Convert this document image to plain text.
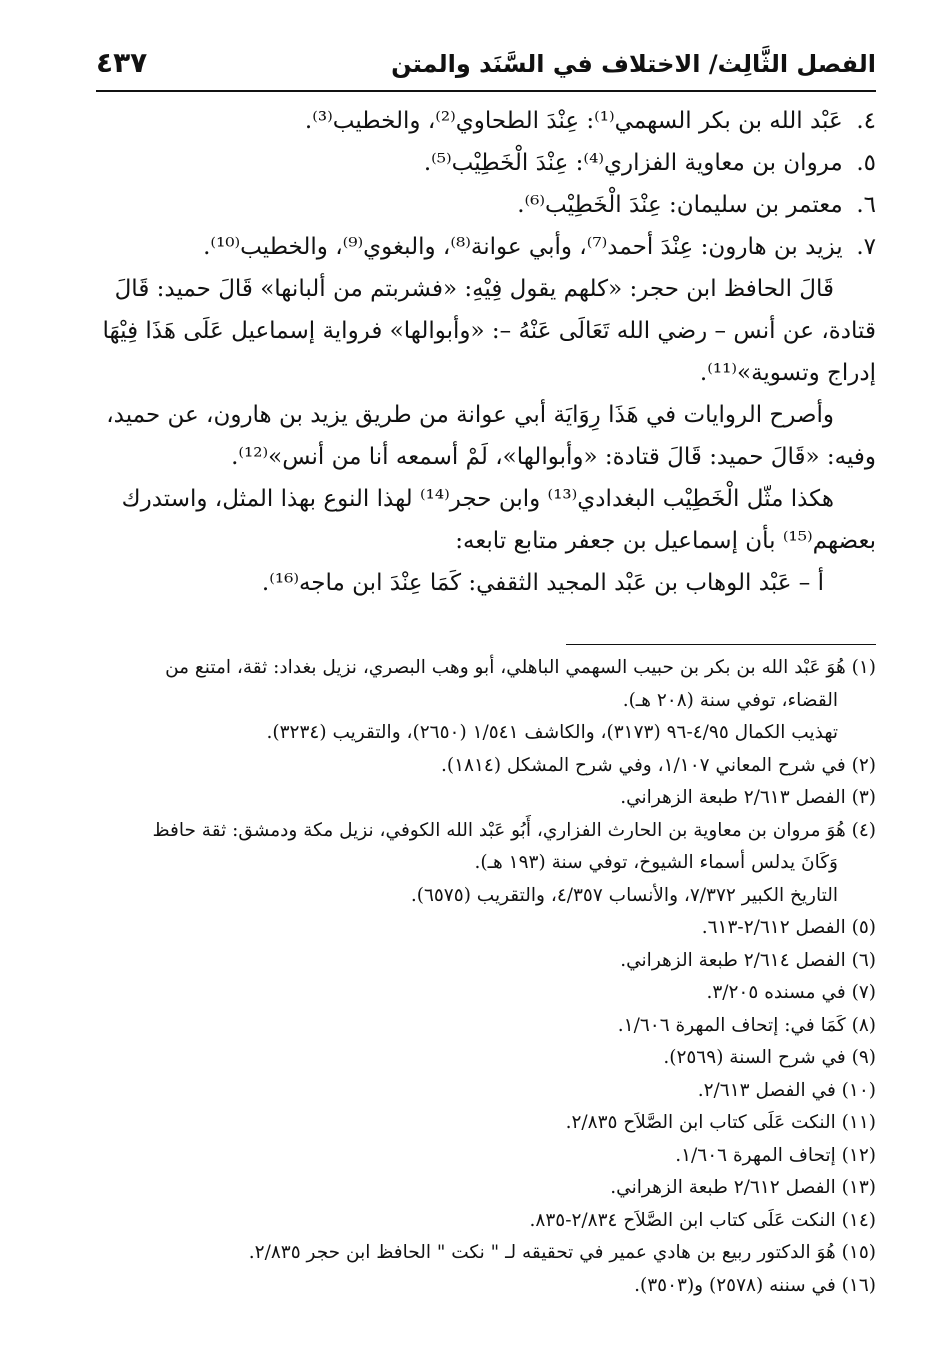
الفصل الثَّالِث/ الاختلاف في السَّنَد والمتن
٤٣٧
٤. عَبْد الله بن بكر السهمي⁽¹⁾: عِنْدَ الطحاوي⁽²⁾، والخطيب⁽³⁾.
٥. مروان بن معاوية الفزاري⁽⁴⁾: عِنْدَ الْخَطِيْب⁽⁵⁾.
٦. معتمر بن سليمان: عِنْدَ الْخَطِيْب⁽⁶⁾.
٧. يزيد بن هارون: عِنْدَ أحمد⁽⁷⁾، وأبي عوانة⁽⁸⁾، والبغوي⁽⁹⁾، والخطيب⁽¹⁰⁾.
قَالَ الحافظ ابن حجر: «كلهم يقول فِيْهِ: «فشربتم من ألبانها» قَالَ حميد: قَالَ
قتادة، عن أنس – رضي الله تَعَالَى عَنْهُ –: «وأبوالها» فرواية إسماعيل عَلَى هَذَا فِيْهَا
إدراج وتسوية»⁽¹¹⁾.
وأصرح الروايات في هَذَا رِوَايَة أبي عوانة من طريق يزيد بن هارون، عن حميد،
وفيه: «قَالَ حميد: قَالَ قتادة: «وأبوالها»، لَمْ أسمعه أنا من أنس»⁽¹²⁾.
هكذا مثّل الْخَطِيْب البغدادي⁽¹³⁾ وابن حجر⁽¹⁴⁾ لهذا النوع بهذا المثل، واستدرك
بعضهم⁽¹⁵⁾ بأن إسماعيل بن جعفر متابع تابعه:
أ – عَبْد الوهاب بن عَبْد المجيد الثقفي: كَمَا عِنْدَ ابن ماجه⁽¹⁶⁾.
(١) هُوَ عَبْد الله بن بكر بن حبيب السهمي الباهلي، أبو وهب البصري، نزيل بغداد: ثقة، امتنع من
القضاء، توفي سنة (٢٠٨ هـ).
تهذيب الكمال ٤/٩٥-٩٦ (٣١٧٣)، والكاشف ١/٥٤١ (٢٦٥٠)، والتقريب (٣٢٣٤).
(٢) في شرح المعاني ١/١٠٧، وفي شرح المشكل (١٨١٤).
(٣) الفصل ٢/٦١٣ طبعة الزهراني.
(٤) هُوَ مروان بن معاوية بن الحارث الفزاري، أَبُو عَبْد الله الكوفي، نزيل مكة ودمشق: ثقة حافظ
وَكَانَ يدلس أسماء الشيوخ، توفي سنة (١٩٣ هـ).
التاريخ الكبير ٧/٣٧٢، والأنساب ٤/٣٥٧، والتقريب (٦٥٧٥).
(٥) الفصل ٢/٦١٢-٦١٣.
(٦) الفصل ٢/٦١٤ طبعة الزهراني.
(٧) في مسنده ٣/٢٠٥.
(٨) كَمَا في: إتحاف المهرة ١/٦٠٦.
(٩) في شرح السنة (٢٥٦٩).
(١٠) في الفصل ٢/٦١٣.
(١١) النكت عَلَى كتاب ابن الصَّلاَح ٢/٨٣٥.
(١٢) إتحاف المهرة ١/٦٠٦.
(١٣) الفصل ٢/٦١٢ طبعة الزهراني.
(١٤) النكت عَلَى كتاب ابن الصَّلاَح ٢/٨٣٤-٨٣٥.
(١٥) هُوَ الدكتور ربيع بن هادي عمير في تحقيقه لـ " نكت " الحافظ ابن حجر ٢/٨٣٥.
(١٦) في سننه (٢٥٧٨) و(٣٥٠٣).
